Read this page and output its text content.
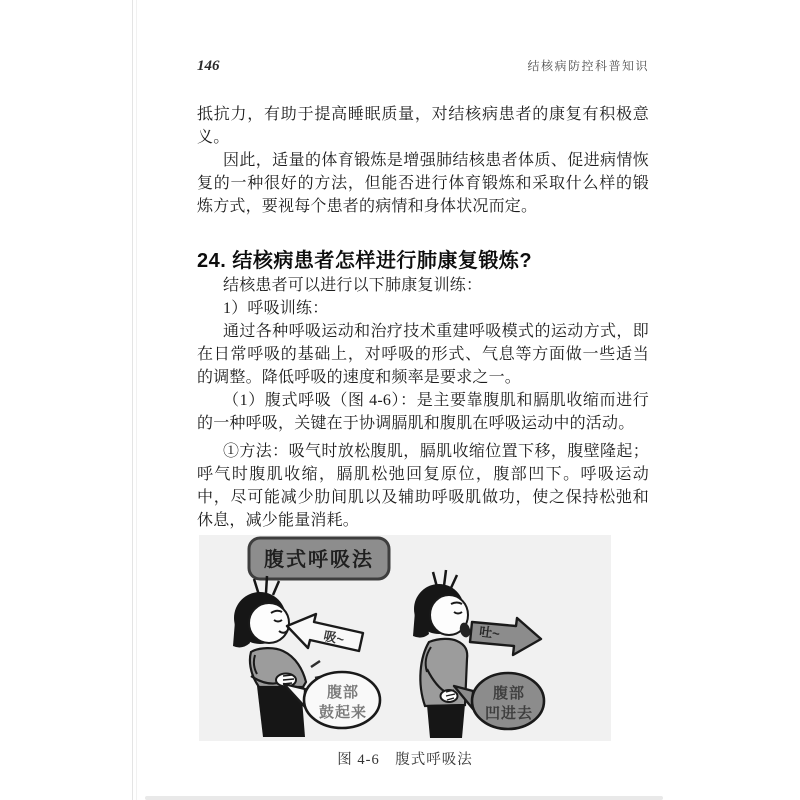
146	结核病防控科普知识

抵抗力，有助于提高睡眠质量，对结核病患者的康复有积极意义。

因此，适量的体育锻炼是增强肺结核患者体质、促进病情恢复的一种很好的方法，但能否进行体育锻炼和采取什么样的锻炼方式，要视每个患者的病情和身体状况而定。

24. 结核病患者怎样进行肺康复锻炼?

结核患者可以进行以下肺康复训练：

1）呼吸训练：

通过各种呼吸运动和治疗技术重建呼吸模式的运动方式，即在日常呼吸的基础上，对呼吸的形式、气息等方面做一些适当的调整。降低呼吸的速度和频率是要求之一。

（1）腹式呼吸（图 4-6）：是主要靠腹肌和膈肌收缩而进行的一种呼吸，关键在于协调膈肌和腹肌在呼吸运动中的活动。

①方法：吸气时放松腹肌，膈肌收缩位置下移，腹壁隆起；呼气时腹肌收缩，膈肌松弛回复原位，腹部凹下。呼吸运动中，尽可能减少肋间肌以及辅助呼吸肌做功，使之保持松弛和休息，减少能量消耗。

腹式呼吸法
吸~
腹部
鼓起来
吐~
腹部
凹进去
图 4-6　腹式呼吸法
